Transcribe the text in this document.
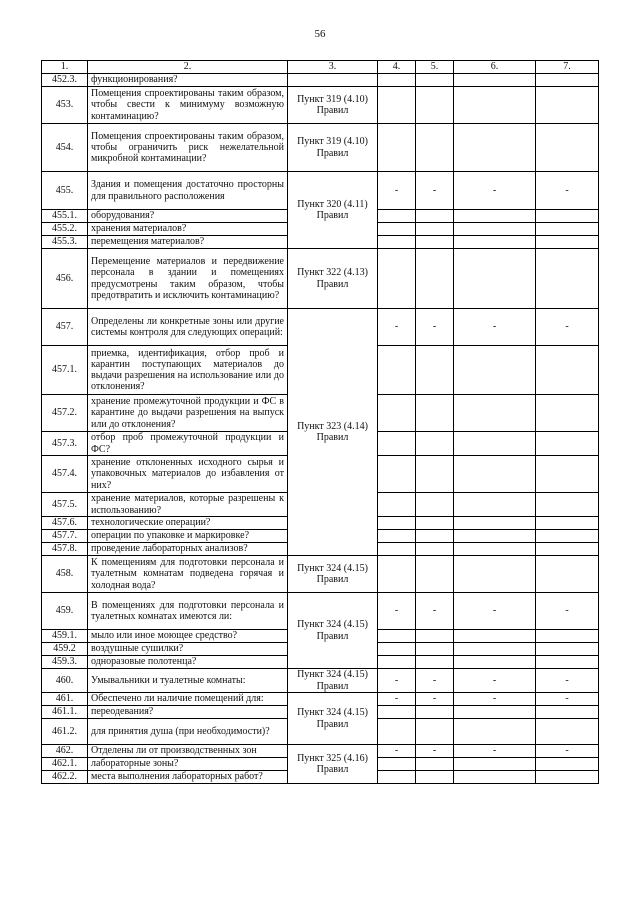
56
1.	2.	3.	4.	5.	6.	7.
452.3.	функционирования?					
453.	Помещения спроектированы таким образом, чтобы свести к минимуму возможную контаминацию?	Пункт 319 (4.10) Правил				
454.	Помещения спроектированы таким образом, чтобы ограничить риск нежелательной микробной контаминации?	Пункт 319 (4.10) Правил				
455.	Здания и помещения достаточно просторны для правильного расположения	Пункт 320 (4.11) Правил	-	-	-	-
455.1.	оборудования?					
455.2.	хранения материалов?					
455.3.	перемещения материалов?					
456.	Перемещение материалов и передвижение персонала в здании и помещениях предусмотрены таким образом, чтобы предотвратить и исключить контаминацию?	Пункт 322 (4.13) Правил				
457.	Определены ли конкретные зоны или другие системы контроля для следующих операций:	Пункт 323 (4.14) Правил	-	-	-	-
457.1.	приемка, идентификация, отбор проб и карантин поступающих материалов до выдачи разрешения на использование или до отклонения?					
457.2.	хранение промежуточной продукции и ФС в карантине до выдачи разрешения на выпуск или до отклонения?					
457.3.	отбор проб промежуточной продукции и ФС?					
457.4.	хранение отклоненных исходного сырья и упаковочных материалов до избавления от них?					
457.5.	хранение материалов, которые разрешены к использованию?					
457.6.	технологические операции?					
457.7.	операции по упаковке и маркировке?					
457.8.	проведение лабораторных анализов?					
458.	К помещениям для подготовки персонала и туалетным комнатам подведена горячая и холодная вода?	Пункт 324 (4.15) Правил				
459.	В помещениях для подготовки персонала и туалетных комнатах имеются ли:	Пункт 324 (4.15) Правил	-	-	-	-
459.1.	мыло или иное моющее средство?					
459.2	воздушные сушилки?					
459.3.	одноразовые полотенца?					
460.	Умывальники и туалетные комнаты:	Пункт 324 (4.15) Правил	-	-	-	-
461.	Обеспечено ли наличие помещений для:	Пункт 324 (4.15) Правил	-	-	-	-
461.1.	переодевания?					
461.2.	для принятия душа (при необходимости)?					
462.	Отделены ли от производственных зон	Пункт 325 (4.16) Правил	-	-	-	-
462.1.	лабораторные зоны?					
462.2.	места выполнения лабораторных работ?					
